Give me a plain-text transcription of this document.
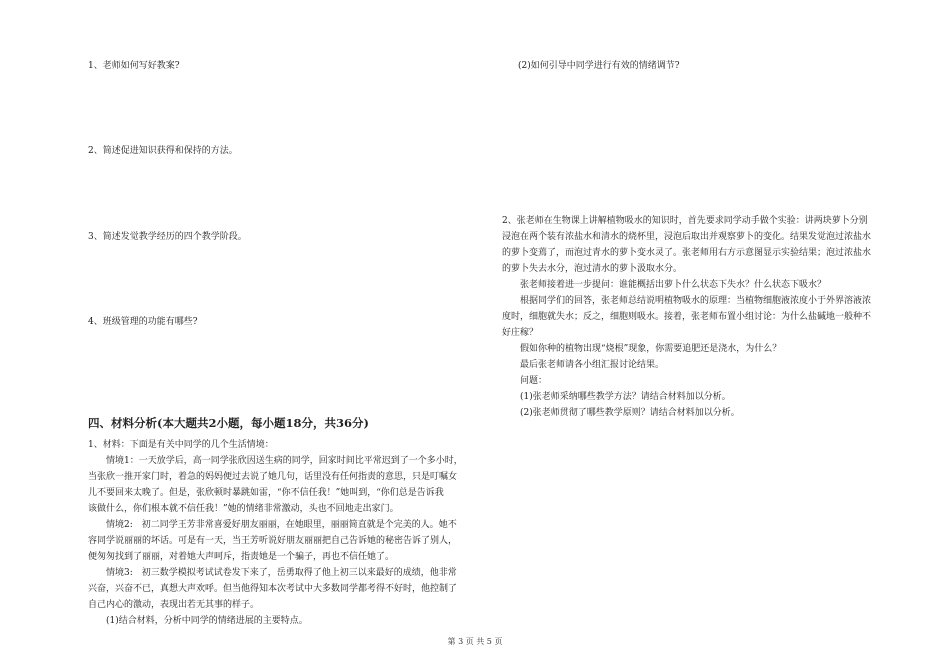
1、老师如何写好教案?

2、简述促进知识获得和保持的方法。

3、简述发觉教学经历的四个教学阶段。

4、班级管理的功能有哪些?

四、材料分析(本大题共2小题，每小题18分，共36分)

1、材料：下面是有关中同学的几个生活情境：

情境1：一天放学后，高一同学张欣因送生病的同学，回家时间比平常迟到了一个多小时，

当张欣一推开家门时，着急的妈妈便过去说了她几句，话里没有任何指责的意思，只是叮嘱女

儿不要回来太晚了。但是，张欣顿时暴跳如雷，“你不信任我！”她叫到，“你们总是告诉我

该做什么，你们根本就不信任我！”她的情绪非常激动，头也不回地走出家门。

情境2:　初二同学王芳非常喜爱好朋友丽丽，在她眼里，丽丽简直就是个完美的人。她不

容同学说丽丽的坏话。可是有一天，当王芳听说好朋友丽丽把自己告诉她的秘密告诉了别人，

便匆匆找到了丽丽，对着她大声呵斥，指责她是一个骗子，再也不信任她了。

情境3:　初三数学模拟考试试卷发下来了，岳勇取得了他上初三以来最好的成绩，他非常

兴奋，兴奋不已，真想大声欢呼。但当他得知本次考试中大多数同学都考得不好时，他控制了

自己内心的激动，表现出若无其事的样子。

(1)结合材料，分析中同学的情绪进展的主要特点。

(2)如何引导中同学进行有效的情绪调节?

2、张老师在生物课上讲解植物吸水的知识时，首先要求同学动手做个实验：讲两块萝卜分别

浸泡在两个装有浓盐水和清水的烧杯里，浸泡后取出并观察萝卜的变化。结果发觉泡过浓盐水

的萝卜变蔫了，而泡过青水的萝卜变水灵了。张老师用右方示意图显示实验结果；泡过浓盐水

的萝卜失去水分，泡过清水的萝卜汲取水分。

张老师接着进一步提问：谁能概括出萝卜什么状态下失水？什么状态下吸水？

根据同学们的回答，张老师总结说明植物吸水的原理：当植物细胞液浓度小于外界溶液浓

度时，细胞就失水；反之，细胞则吸水。接着，张老师布置小组讨论：为什么盐碱地一般种不

好庄稼？

假如你种的植物出现“烧根”现象，你需要追肥还是浇水，为什么？

最后张老师请各小组汇报讨论结果。

问题：

(1)张老师采纳哪些教学方法？请结合材料加以分析。

(2)张老师贯彻了哪些教学原则？请结合材料加以分析。

第 3 页 共 5 页
